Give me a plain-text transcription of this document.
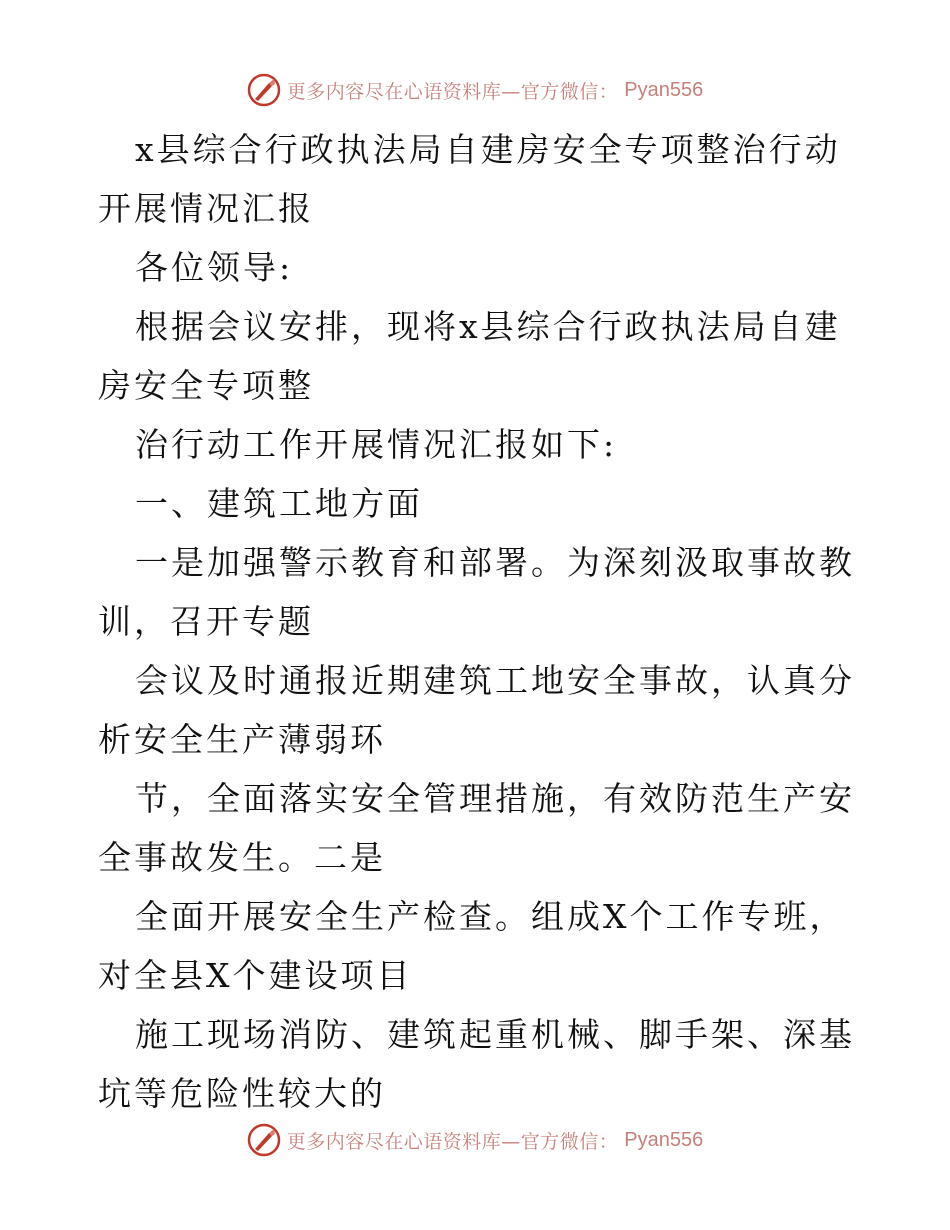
更多内容尽在心语资料库—官方微信： Pyan556

x县综合行政执法局自建房安全专项整治行动开展情况汇报

各位领导:

根据会议安排，现将x县综合行政执法局自建房安全专项整

治行动工作开展情况汇报如下:

一、建筑工地方面

一是加强警示教育和部署。为深刻汲取事故教训，召开专题

会议及时通报近期建筑工地安全事故，认真分析安全生产薄弱环

节，全面落实安全管理措施，有效防范生产安全事故发生。二是

全面开展安全生产检查。组成X个工作专班，对全县X个建设项目

施工现场消防、建筑起重机械、脚手架、深基坑等危险性较大的

更多内容尽在心语资料库—官方微信： Pyan556
